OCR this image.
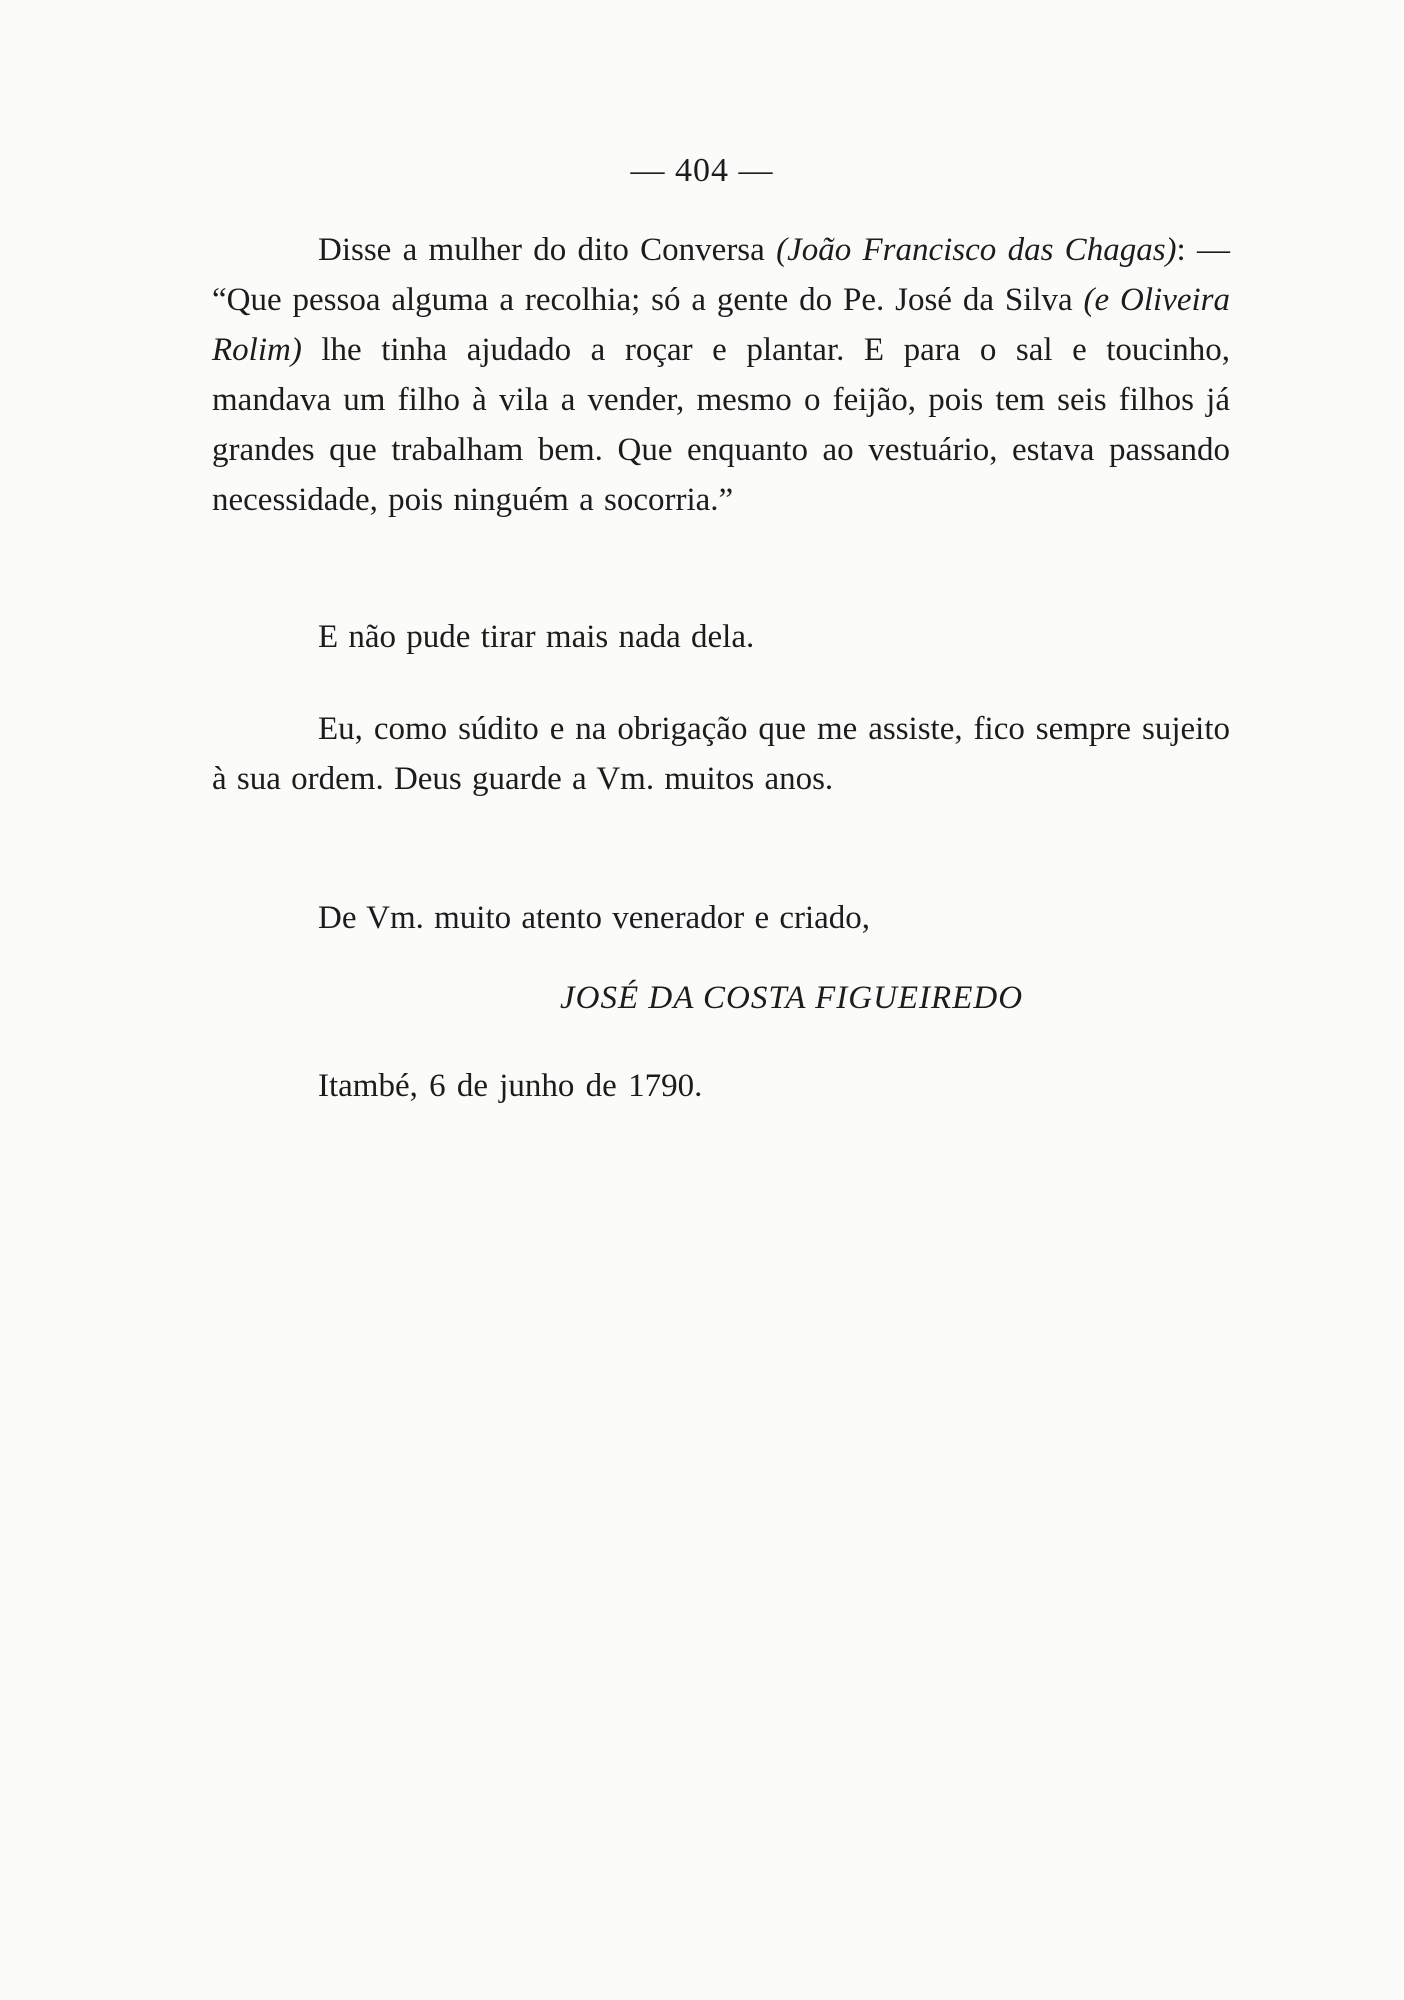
— 404 —

Disse a mulher do dito Conversa (João Francisco das Chagas): — “Que pessoa alguma a recolhia; só a gente do Pe. José da Silva (e Oliveira Rolim) lhe tinha ajudado a roçar e plantar. E para o sal e toucinho, mandava um filho à vila a vender, mesmo o feijão, pois tem seis filhos já grandes que trabalham bem. Que enquanto ao vestuário, estava passando necessidade, pois ninguém a socorria.”

E não pude tirar mais nada dela.

Eu, como súdito e na obrigação que me assiste, fico sempre sujeito à sua ordem. Deus guarde a Vm. muitos anos.

De Vm. muito atento venerador e criado,

JOSÉ DA COSTA FIGUEIREDO
Itambé, 6 de junho de 1790.
